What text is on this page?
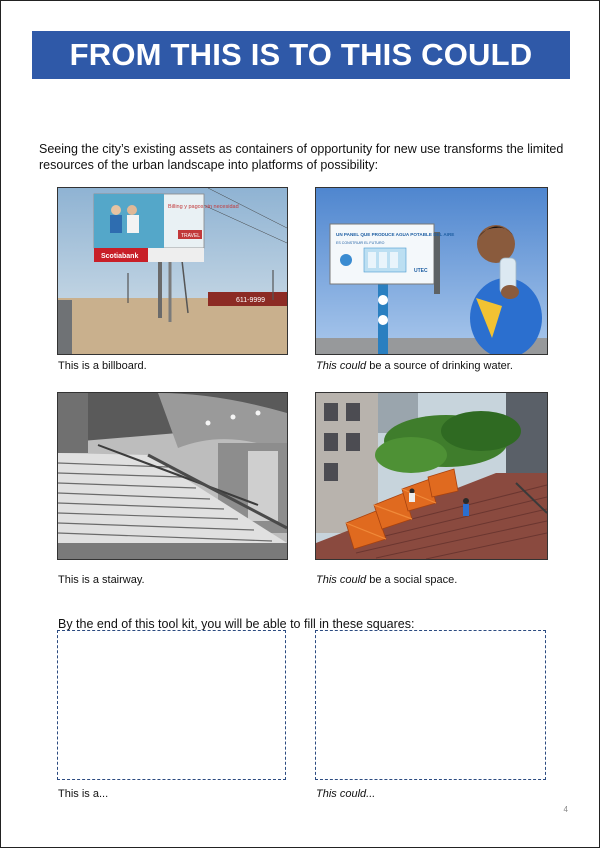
FROM THIS IS TO THIS COULD

Seeing the city’s existing assets as containers of opportunity for new use transforms the limited resources of the urban landscape into platforms of possibility:

611-9999
Billing y pagos sin necesidad
TRAVEL
Scotiabank
This is a billboard.
UN PANEL QUE PRODUCE AGUA POTABLE DEL AIRE
ES CONSTRUIR EL FUTURO
UTEC
This could be a source of drinking water.
This is a stairway.	This could be a social space.

By the end of this tool kit, you will be able to fill in these squares:

This is a...	This could...
4
